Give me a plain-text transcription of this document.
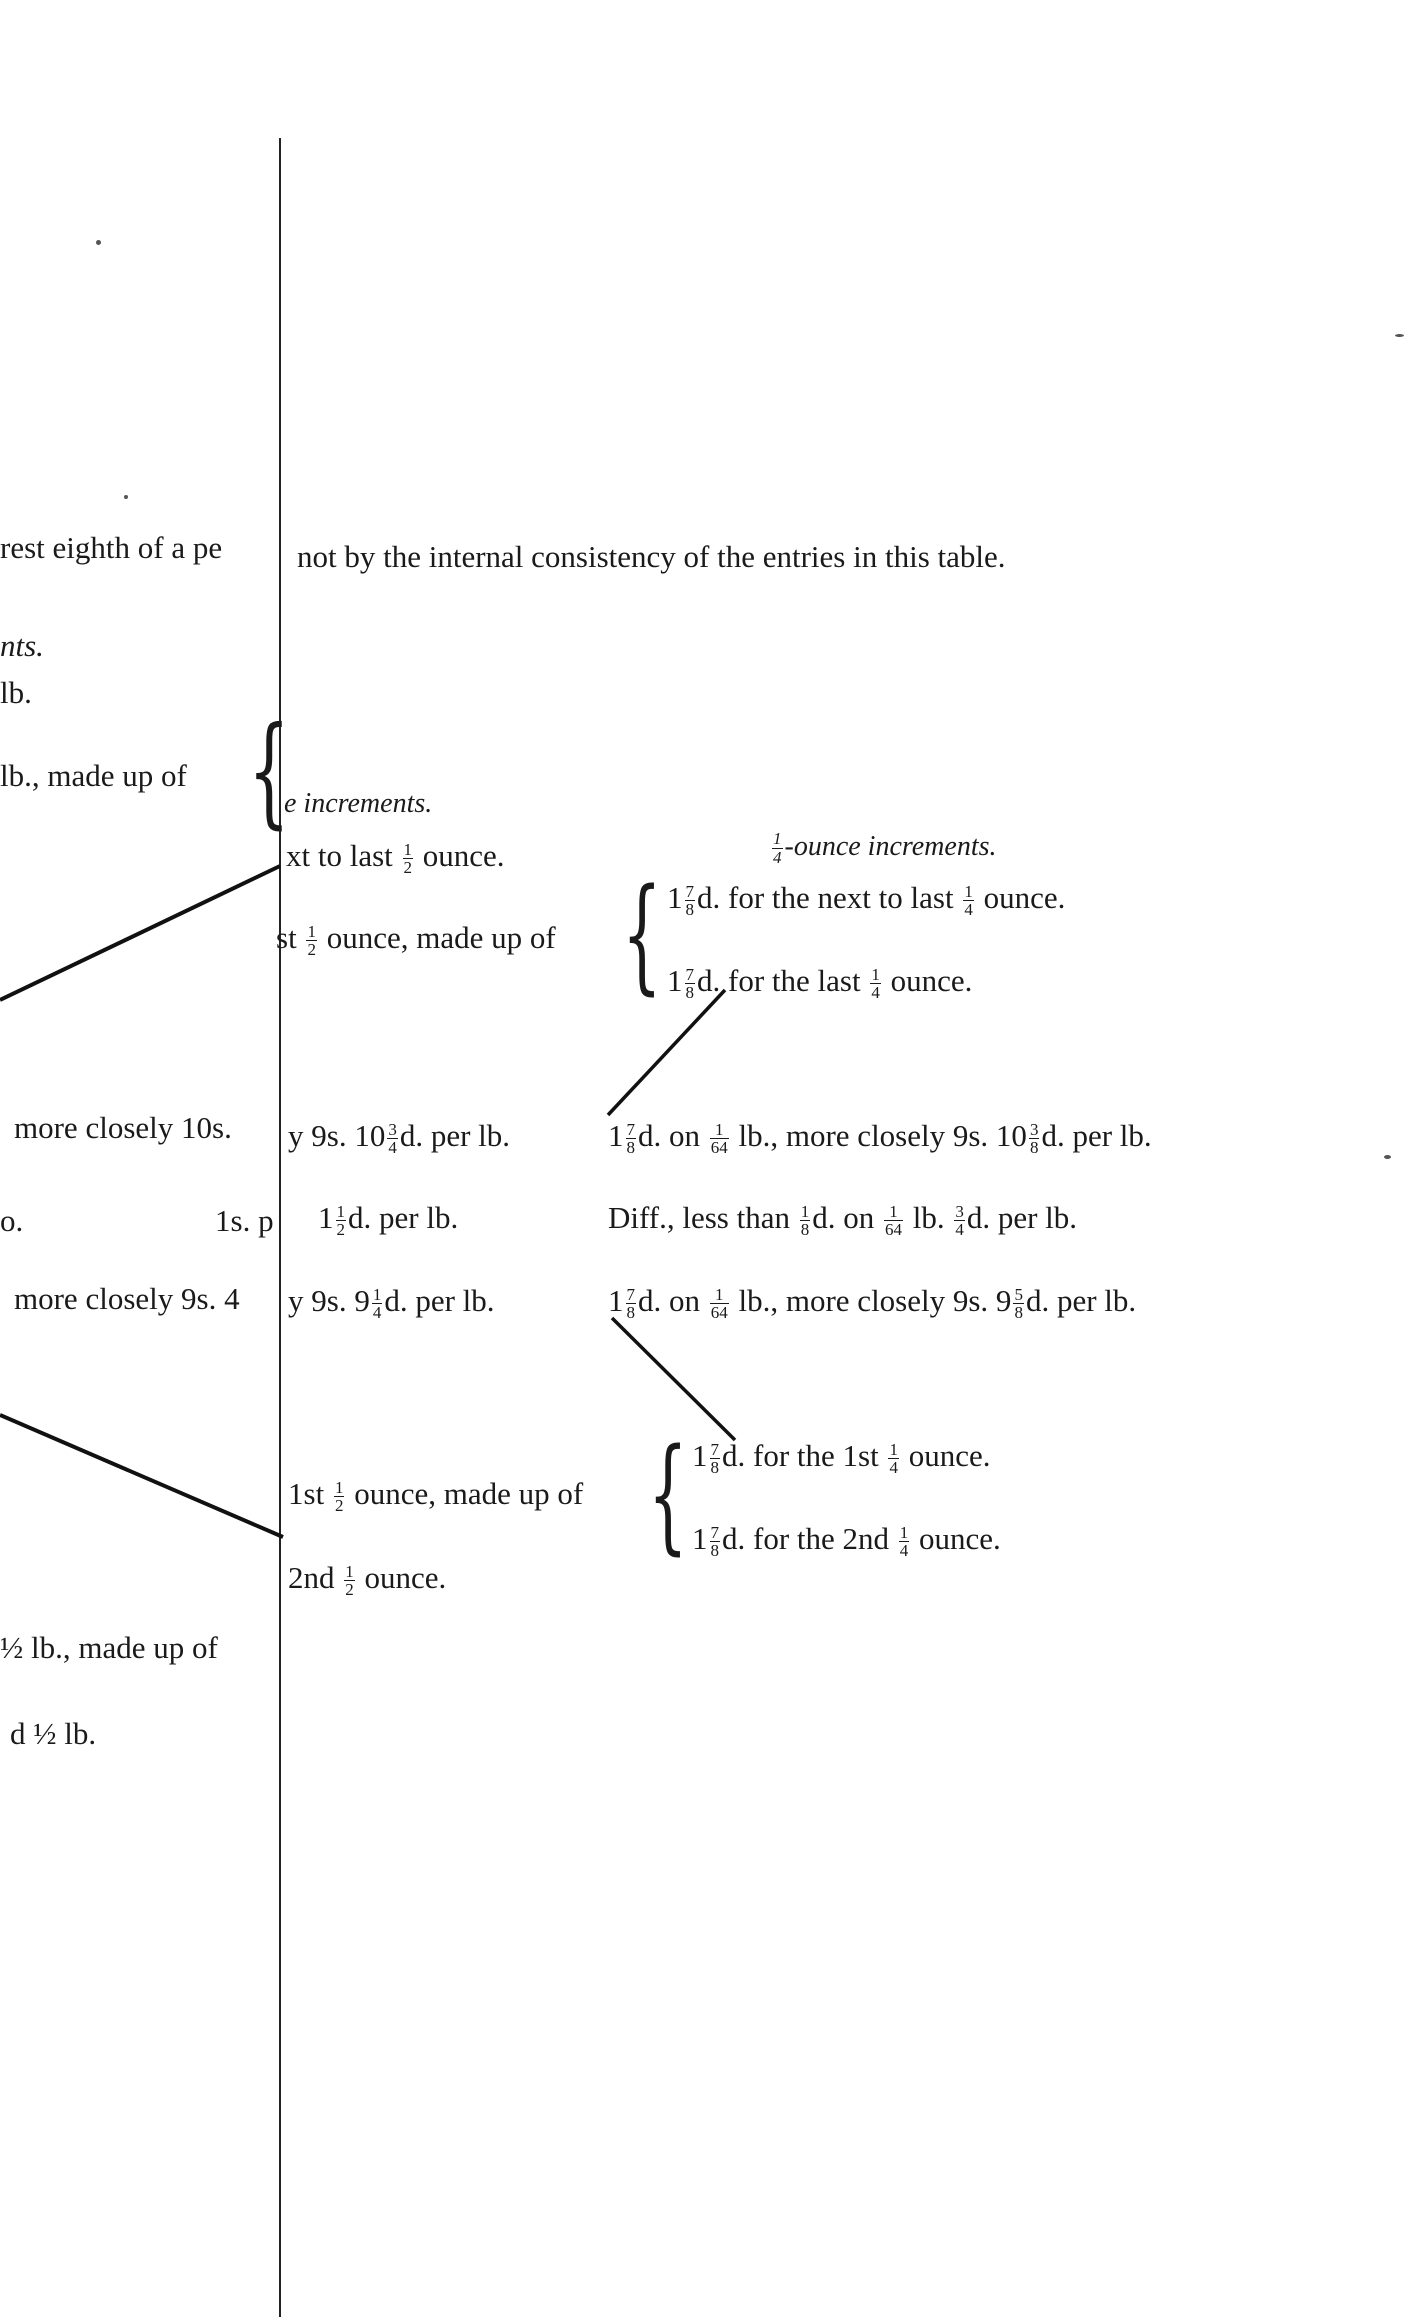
{
{
{
rest eighth of a pe
nts.
lb.
lb., made up of
more closely 10s.
o.	1s. p
more closely 9s. 4
½ lb., made up of
d ½ lb.
not by the internal consistency of the entries in this table.
e increments.
xt to last $\frac{1}{2}$ ounce.
st $\frac{1}{2}$ ounce, made up of
y 9s. $10 \frac{3}{4} d$. per lb.
$1 \frac{1}{2} d$. per lb.
y 9s. $9 \frac{1}{4} d$. per lb.
$1st \frac{1}{2}$ ounce, made up of
$2nd \frac{1}{2}$ ounce.
$\frac{1}{4}$ -ounce increments.
$1 \frac{7}{8} d$. for the next to last $\frac{1}{4}$ ounce.
$1 \frac{7}{8} d$. for the last $\frac{1}{4}$ ounce.
$1 \frac{7}{8} d$. on $\frac{1}{64}$ lb., more closely 9s. $10 \frac{3}{8} d$. per lb.
Diff., less than $\frac{1}{8} d$. on $\frac{1}{64}$ lb. $\frac{3}{4} d$. per lb.
$1 \frac{7}{8} d$. on $\frac{1}{64}$ lb., more closely 9s. $9 \frac{5}{8} d$. per lb.
$1 \frac{7}{8} d$. for the $1st \frac{1}{4}$ ounce.
$1 \frac{7}{8} d$. for the $2nd \frac{1}{4}$ ounce.
